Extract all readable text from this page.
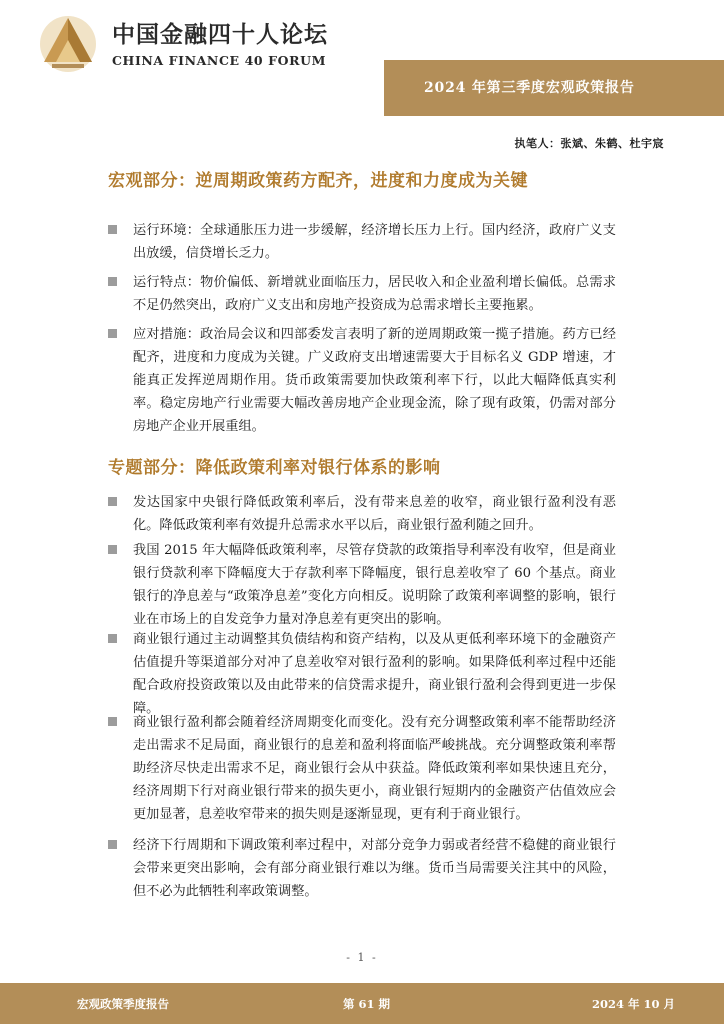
中国金融四十人论坛
CHINA FINANCE 40 FORUM
2024 年第三季度宏观政策报告
执笔人：张斌、朱鹤、杜宇宸
宏观部分：逆周期政策药方配齐，进度和力度成为关键

运行环境：全球通胀压力进一步缓解，经济增长压力上行。国内经济，政府广义支出放缓，信贷增长乏力。

运行特点：物价偏低、新增就业面临压力，居民收入和企业盈利增长偏低。总需求不足仍然突出，政府广义支出和房地产投资成为总需求增长主要拖累。

应对措施：政治局会议和四部委发言表明了新的逆周期政策一揽子措施。药方已经配齐，进度和力度成为关键。广义政府支出增速需要大于目标名义 GDP 增速，才能真正发挥逆周期作用。货币政策需要加快政策利率下行，以此大幅降低真实利率。稳定房地产行业需要大幅改善房地产企业现金流，除了现有政策，仍需对部分房地产企业开展重组。

专题部分：降低政策利率对银行体系的影响

发达国家中央银行降低政策利率后，没有带来息差的收窄，商业银行盈利没有恶化。降低政策利率有效提升总需求水平以后，商业银行盈利随之回升。

我国 2015 年大幅降低政策利率，尽管存贷款的政策指导利率没有收窄，但是商业银行贷款利率下降幅度大于存款利率下降幅度，银行息差收窄了 60 个基点。商业银行的净息差与“政策净息差”变化方向相反。说明除了政策利率调整的影响，银行业在市场上的自发竞争力量对净息差有更突出的影响。

商业银行通过主动调整其负债结构和资产结构，以及从更低利率环境下的金融资产估值提升等渠道部分对冲了息差收窄对银行盈利的影响。如果降低利率过程中还能配合政府投资政策以及由此带来的信贷需求提升，商业银行盈利会得到更进一步保障。

商业银行盈利都会随着经济周期变化而变化。没有充分调整政策利率不能帮助经济走出需求不足局面，商业银行的息差和盈利将面临严峻挑战。充分调整政策利率帮助经济尽快走出需求不足，商业银行会从中获益。降低政策利率如果快速且充分，经济周期下行对商业银行带来的损失更小，商业银行短期内的金融资产估值效应会更加显著，息差收窄带来的损失则是逐渐显现，更有利于商业银行。

经济下行周期和下调政策利率过程中，对部分竞争力弱或者经营不稳健的商业银行会带来更突出影响，会有部分商业银行难以为继。货币当局需要关注其中的风险，但不必为此牺牲利率政策调整。

- 1 -
宏观政策季度报告	第 61 期	2024 年 10 月
